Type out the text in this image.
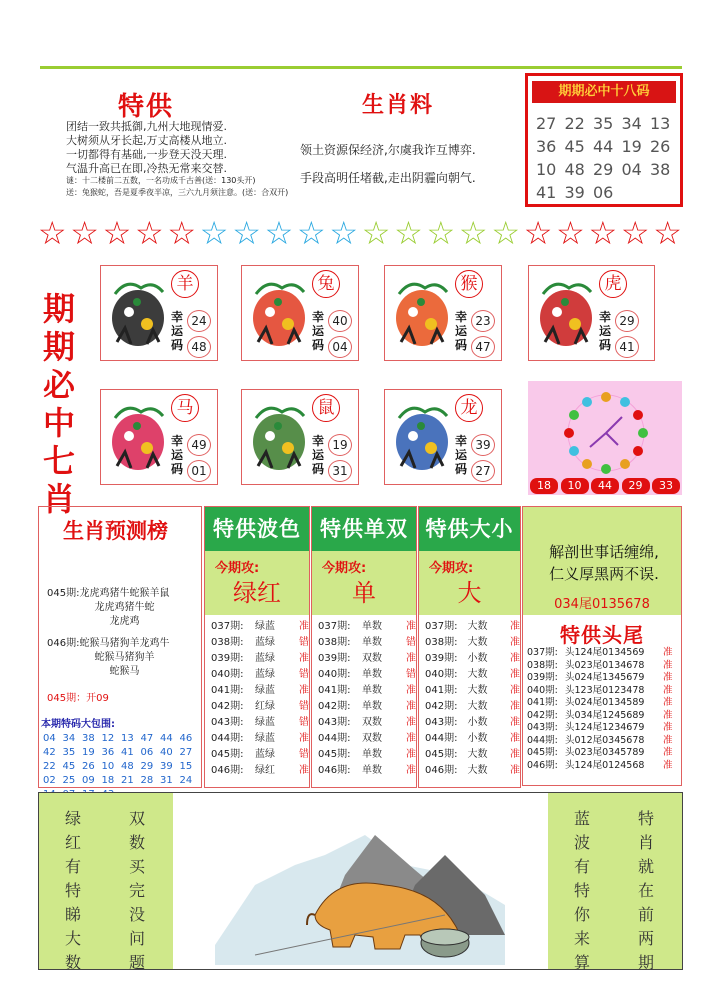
特供
团结一致共抵御,九州大地现情爱.
大树须从牙长起,万丈高楼从地立.
一切都得有基础,一步登天没天理.
气温升高已在即,冷热无常来交替.
谜：十二楼前二五数，一名功成千古善(送：130头开)
送：兔猴蛇，吾是夏季夜半凉，三六九月须注意。(送：合双开)
生肖料
领土资源保经济,尔虞我诈互博弈.
手段高明任堵截,走出阴霾向朝气.
期期必中十八码
27 22 35 34 13
36 45 44 19 26
10 48 29 04 38
41 39 06
☆ ☆ ☆ ☆ ☆ ☆ ☆ ☆ ☆ ☆ ☆ ☆ ☆ ☆ ☆ ☆ ☆ ☆ ☆ ☆
期
期
必
中
七
肖
羊
幸运码
24
48
兔
幸运码
40
04
猴
幸运码
23
47
虎
幸运码
29
41
马
幸运码
49
01
鼠
幸运码
19
31
龙
幸运码
39
27
18	10	44	29	33
生肖预测榜
045期:龙虎鸡猪牛蛇猴羊鼠
龙虎鸡猪牛蛇
龙虎鸡
046期:蛇猴马猪狗羊龙鸡牛
蛇猴马猪狗羊
蛇猴马
045期：开09
本期特码大包围:
04 34 38 12 13 47 44 46
42 35 19 36 41 06 40 27
22 45 26 10 48 29 39 15
02 25 09 18 21 28 31 24
特供波色
今期攻:
绿红
037期:	绿蓝	准
038期:	蓝绿	错
039期:	蓝绿	准
040期:	蓝绿	错
041期:	绿蓝	准
042期:	红绿	错
043期:	绿蓝	错
044期:	绿蓝	准
045期:	蓝绿	错
046期:	绿红	准
特供单双
今期攻:
单
037期:	单数	准
038期:	单数	错
039期:	双数	准
040期:	单数	错
041期:	单数	准
042期:	单数	准
043期:	双数	准
044期:	双数	准
045期:	单数	准
046期:	单数	准
特供大小
今期攻:
大
037期:	大数	准
038期:	大数	准
039期:	小数	准
040期:	大数	准
041期:	大数	准
042期:	大数	准
043期:	小数	准
044期:	小数	准
045期:	大数	准
046期:	大数	准
解剖世事话缠绵,
仁义厚黑两不误.
034尾0135678
特供头尾
037期: 头124尾0134569	准
038期: 头023尾0134678	准
039期: 头024尾1345679	准
040期: 头123尾0123478	准
041期: 头024尾0134589	准
042期: 头034尾1245689	准
043期: 头124尾1234679	准
044期: 头012尾0345678	准
045期: 头023尾0345789	准
046期: 头124尾0124568	准
绿
红
有
特
睇
大
数
双
数
买
完
没
问
题
蓝
波
有
特
你
来
算
特
肖
就
在
前
两
期
